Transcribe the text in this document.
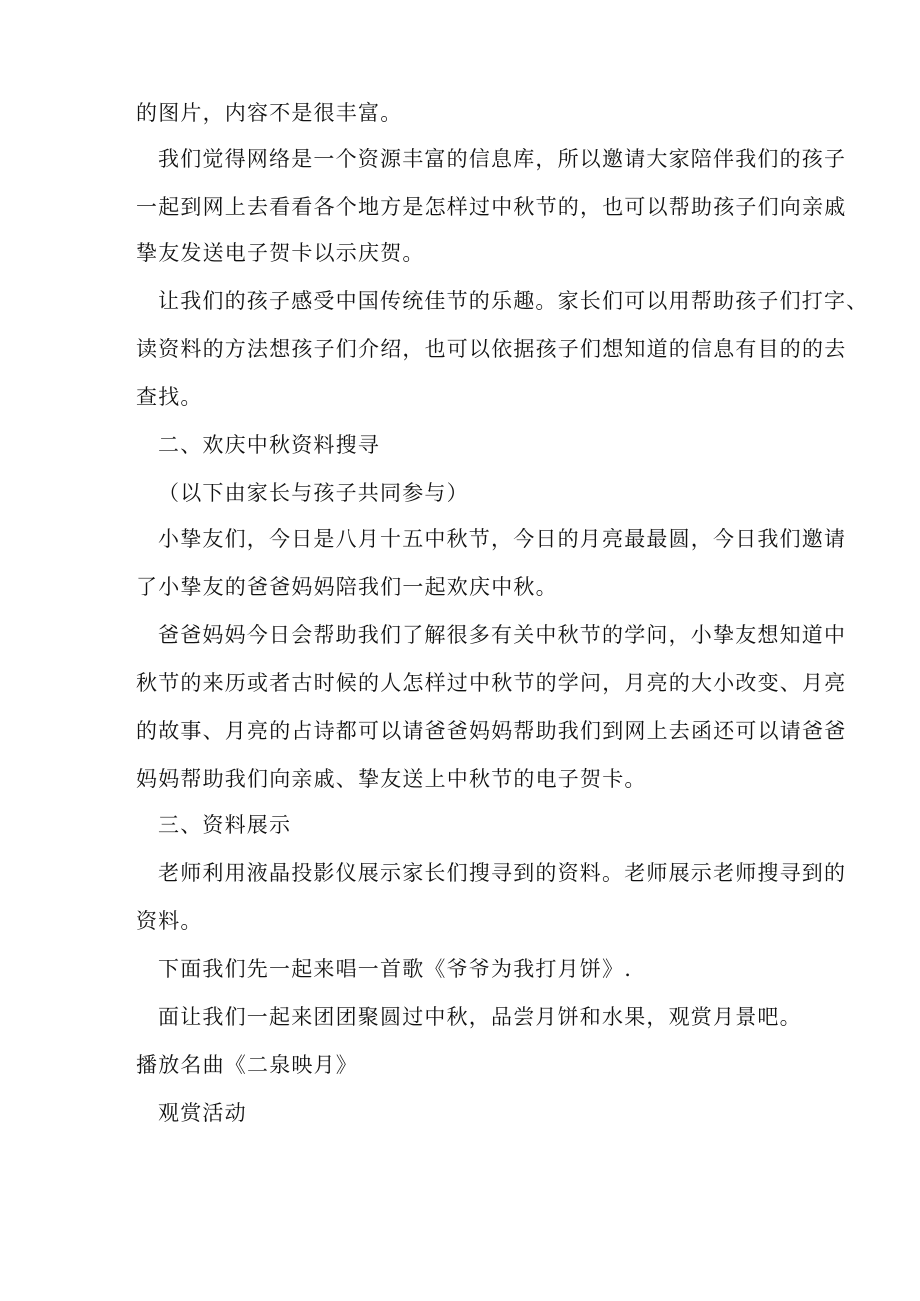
的图片，内容不是很丰富。
我们觉得网络是一个资源丰富的信息库，所以邀请大家陪伴我们的孩子
一起到网上去看看各个地方是怎样过中秋节的，也可以帮助孩子们向亲戚
挚友发送电子贺卡以示庆贺。
让我们的孩子感受中国传统佳节的乐趣。家长们可以用帮助孩子们打字、
读资料的方法想孩子们介绍，也可以依据孩子们想知道的信息有目的的去
查找。
二、欢庆中秋资料搜寻
（以下由家长与孩子共同参与）
小挚友们，今日是八月十五中秋节，今日的月亮最最圆，今日我们邀请
了小挚友的爸爸妈妈陪我们一起欢庆中秋。
爸爸妈妈今日会帮助我们了解很多有关中秋节的学问，小挚友想知道中
秋节的来历或者古时候的人怎样过中秋节的学问，月亮的大小改变、月亮
的故事、月亮的占诗都可以请爸爸妈妈帮助我们到网上去函还可以请爸爸
妈妈帮助我们向亲戚、挚友送上中秋节的电子贺卡。
三、资料展示
老师利用液晶投影仪展示家长们搜寻到的资料。老师展示老师搜寻到的
资料。
下面我们先一起来唱一首歌《爷爷为我打月饼》.
面让我们一起来团团聚圆过中秋，品尝月饼和水果，观赏月景吧。
播放名曲《二泉映月》
观赏活动
